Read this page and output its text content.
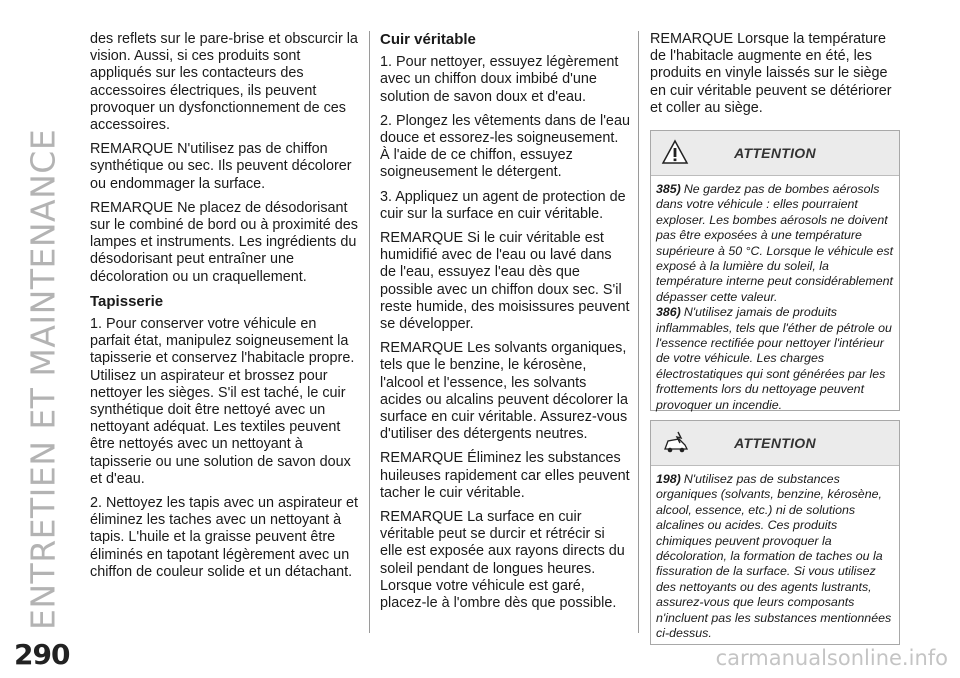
ENTRETIEN ET MAINTENANCE
290

des reflets sur le pare-brise et obscurcir la vision. Aussi, si ces produits sont appliqués sur les contacteurs des accessoires électriques, ils peuvent provoquer un dysfonctionnement de ces accessoires.

REMARQUE N'utilisez pas de chiffon synthétique ou sec. Ils peuvent décolorer ou endommager la surface.

REMARQUE Ne placez de désodorisant sur le combiné de bord ou à proximité des lampes et instruments. Les ingrédients du désodorisant peut entraîner une décoloration ou un craquellement.

Tapisserie

1. Pour conserver votre véhicule en parfait état, manipulez soigneusement la tapisserie et conservez l'habitacle propre. Utilisez un aspirateur et brossez pour nettoyer les sièges. S'il est taché, le cuir synthétique doit être nettoyé avec un nettoyant adéquat. Les textiles peuvent être nettoyés avec un nettoyant à tapisserie ou une solution de savon doux et d'eau.

2. Nettoyez les tapis avec un aspirateur et éliminez les taches avec un nettoyant à tapis. L'huile et la graisse peuvent être éliminés en tapotant légèrement avec un chiffon de couleur solide et un détachant.

Cuir véritable

1. Pour nettoyer, essuyez légèrement avec un chiffon doux imbibé d'une solution de savon doux et d'eau.

2. Plongez les vêtements dans de l'eau douce et essorez-les soigneusement. À l'aide de ce chiffon, essuyez soigneusement le détergent.

3. Appliquez un agent de protection de cuir sur la surface en cuir véritable.

REMARQUE Si le cuir véritable est humidifié avec de l'eau ou lavé dans de l'eau, essuyez l'eau dès que possible avec un chiffon doux sec. S'il reste humide, des moisissures peuvent se développer.

REMARQUE Les solvants organiques, tels que le benzine, le kérosène, l'alcool et l'essence, les solvants acides ou alcalins peuvent décolorer la surface en cuir véritable. Assurez-vous d'utiliser des détergents neutres.

REMARQUE Éliminez les substances huileuses rapidement car elles peuvent tacher le cuir véritable.

REMARQUE La surface en cuir véritable peut se durcir et rétrécir si elle est exposée aux rayons directs du soleil pendant de longues heures. Lorsque votre véhicule est garé, placez-le à l'ombre dès que possible.

REMARQUE Lorsque la température de l'habitacle augmente en été, les produits en vinyle laissés sur le siège en cuir véritable peuvent se détériorer et coller au siège.

ATTENTION

385) Ne gardez pas de bombes aérosols dans votre véhicule : elles pourraient exploser. Les bombes aérosols ne doivent pas être exposées à une température supérieure à 50 °C. Lorsque le véhicule est exposé à la lumière du soleil, la température interne peut considérablement dépasser cette valeur.

386) N'utilisez jamais de produits inflammables, tels que l'éther de pétrole ou l'essence rectifiée pour nettoyer l'intérieur de votre véhicule. Les charges électrostatiques qui sont générées par les frottements lors du nettoyage peuvent provoquer un incendie.

ATTENTION

198) N'utilisez pas de substances organiques (solvants, benzine, kérosène, alcool, essence, etc.) ni de solutions alcalines ou acides. Ces produits chimiques peuvent provoquer la décoloration, la formation de taches ou la fissuration de la surface. Si vous utilisez des nettoyants ou des agents lustrants, assurez-vous que leurs composants n'incluent pas les substances mentionnées ci-dessus.

carmanualsonline.info
